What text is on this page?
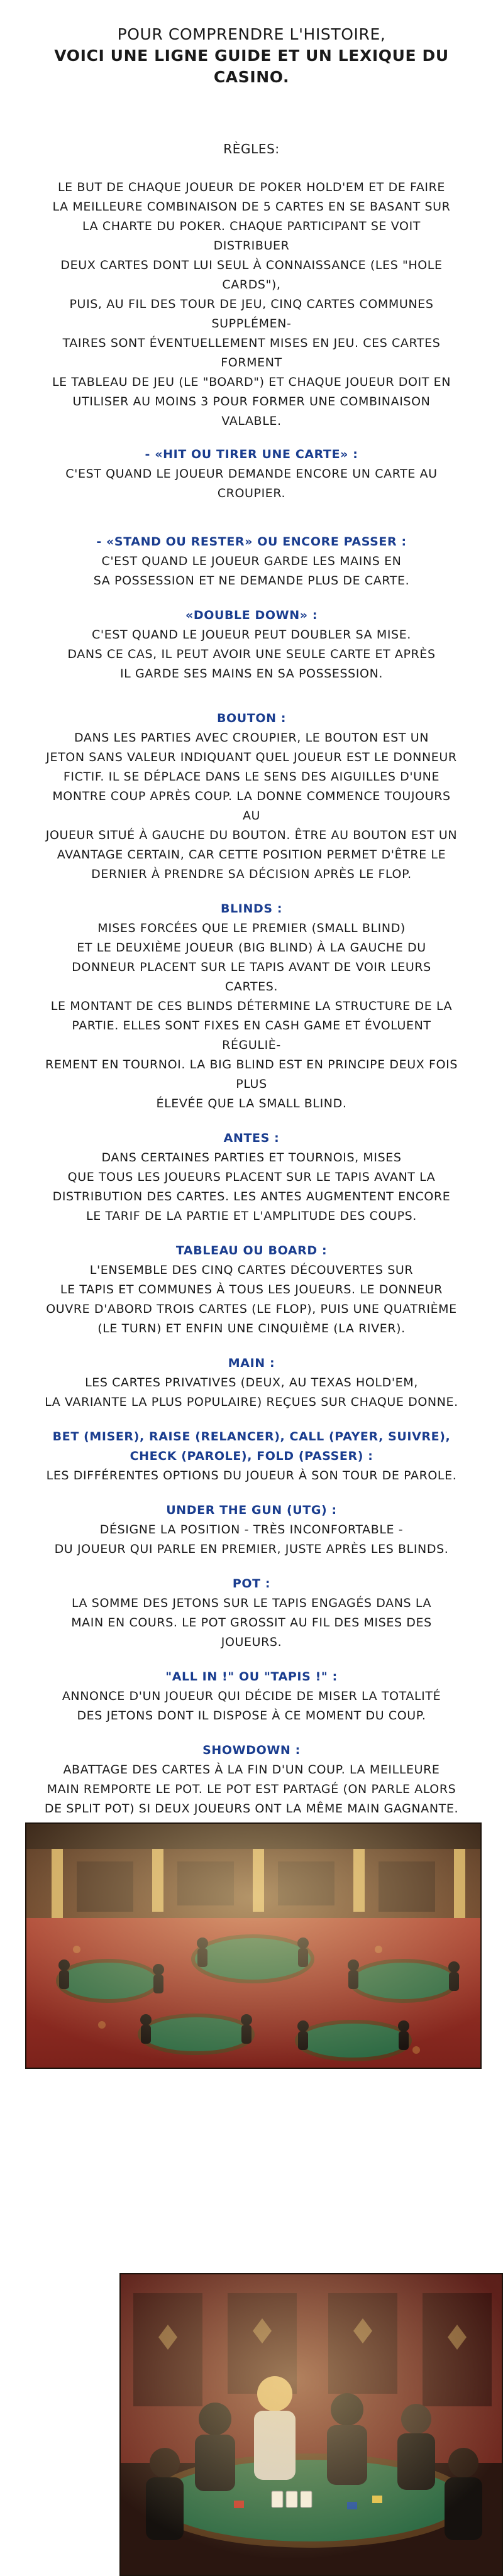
POUR COMPRENDRE L'HISTOIRE,
VOICI UNE LIGNE GUIDE ET UN LEXIQUE DU CASINO.
RÈGLES:
LE BUT DE CHAQUE JOUEUR DE POKER HOLD'EM ET DE FAIRE
LA MEILLEURE COMBINAISON DE 5 CARTES EN SE BASANT SUR
LA CHARTE DU POKER. CHAQUE PARTICIPANT SE VOIT DISTRIBUER
DEUX CARTES DONT LUI SEUL À CONNAISSANCE (LES "HOLE CARDS"),
PUIS, AU FIL DES TOUR DE JEU, CINQ CARTES COMMUNES SUPPLÉMEN-
TAIRES SONT ÉVENTUELLEMENT MISES EN JEU. CES CARTES FORMENT
LE TABLEAU DE JEU (LE "BOARD") ET CHAQUE JOUEUR DOIT EN
UTILISER AU MOINS 3 POUR FORMER UNE COMBINAISON VALABLE.
- «HIT OU TIRER UNE CARTE» :
C'EST QUAND LE JOUEUR DEMANDE ENCORE UN CARTE AU CROUPIER.
- «STAND OU RESTER» OU ENCORE PASSER :
C'EST QUAND LE JOUEUR GARDE LES MAINS EN
SA POSSESSION ET NE DEMANDE PLUS DE CARTE.
«DOUBLE DOWN» :
C'EST QUAND LE JOUEUR PEUT DOUBLER SA MISE.
DANS CE CAS, IL PEUT AVOIR UNE SEULE CARTE ET APRÈS
IL GARDE SES MAINS EN SA POSSESSION.
BOUTON :
DANS LES PARTIES AVEC CROUPIER, LE BOUTON EST UN
JETON SANS VALEUR INDIQUANT QUEL JOUEUR EST LE DONNEUR
FICTIF. IL SE DÉPLACE DANS LE SENS DES AIGUILLES D'UNE
MONTRE COUP APRÈS COUP. LA DONNE COMMENCE TOUJOURS AU
JOUEUR SITUÉ À GAUCHE DU BOUTON. ÊTRE AU BOUTON EST UN
AVANTAGE CERTAIN, CAR CETTE POSITION PERMET D'ÊTRE LE
DERNIER À PRENDRE SA DÉCISION APRÈS LE FLOP.
BLINDS :
MISES FORCÉES QUE LE PREMIER (SMALL BLIND)
ET LE DEUXIÈME JOUEUR (BIG BLIND) À LA GAUCHE DU
DONNEUR PLACENT SUR LE TAPIS AVANT DE VOIR LEURS CARTES.
LE MONTANT DE CES BLINDS DÉTERMINE LA STRUCTURE DE LA
PARTIE. ELLES SONT FIXES EN CASH GAME ET ÉVOLUENT RÉGULIÈ-
REMENT EN TOURNOI. LA BIG BLIND EST EN PRINCIPE DEUX FOIS PLUS
ÉLEVÉE QUE LA SMALL BLIND.
ANTES :
DANS CERTAINES PARTIES ET TOURNOIS, MISES
QUE TOUS LES JOUEURS PLACENT SUR LE TAPIS AVANT LA
DISTRIBUTION DES CARTES. LES ANTES AUGMENTENT ENCORE
LE TARIF DE LA PARTIE ET L'AMPLITUDE DES COUPS.
TABLEAU OU BOARD :
L'ENSEMBLE DES CINQ CARTES DÉCOUVERTES SUR
LE TAPIS ET COMMUNES À TOUS LES JOUEURS. LE DONNEUR
OUVRE D'ABORD TROIS CARTES (LE FLOP), PUIS UNE QUATRIÈME
(LE TURN) ET ENFIN UNE CINQUIÈME (LA RIVER).
MAIN :
LES CARTES PRIVATIVES (DEUX, AU TEXAS HOLD'EM,
LA VARIANTE LA PLUS POPULAIRE) REÇUES SUR CHAQUE DONNE.
BET (MISER), RAISE (RELANCER), CALL (PAYER, SUIVRE),
CHECK (PAROLE), FOLD (PASSER) :
LES DIFFÉRENTES OPTIONS DU JOUEUR À SON TOUR DE PAROLE.
UNDER THE GUN (UTG) :
DÉSIGNE LA POSITION - TRÈS INCONFORTABLE -
DU JOUEUR QUI PARLE EN PREMIER, JUSTE APRÈS LES BLINDS.
POT :
LA SOMME DES JETONS SUR LE TAPIS ENGAGÉS DANS LA
MAIN EN COURS. LE POT GROSSIT AU FIL DES MISES DES JOUEURS.
"ALL IN !" OU "TAPIS !" :
ANNONCE D'UN JOUEUR QUI DÉCIDE DE MISER LA TOTALITÉ
DES JETONS DONT IL DISPOSE À CE MOMENT DU COUP.
SHOWDOWN :
ABATTAGE DES CARTES À LA FIN D'UN COUP. LA MEILLEURE
MAIN REMPORTE LE POT. LE POT EST PARTAGÉ (ON PARLE ALORS
DE SPLIT POT) SI DEUX JOUEURS ONT LA MÊME MAIN GAGNANTE.
